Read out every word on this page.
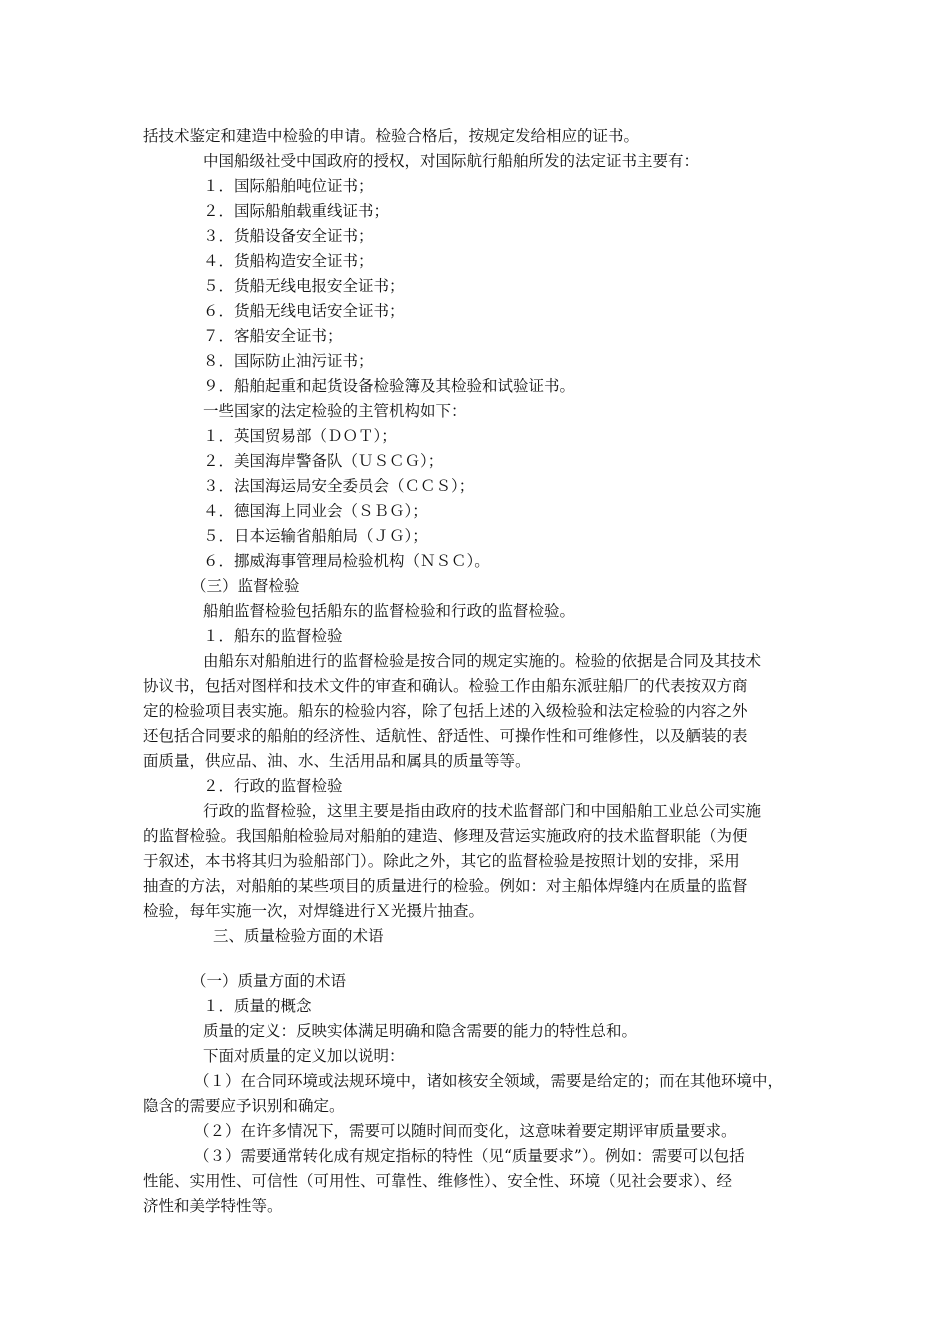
括技术鉴定和建造中检验的申请。检验合格后，按规定发给相应的证书。
中国船级社受中国政府的授权，对国际航行船舶所发的法定证书主要有：
１．国际船舶吨位证书；
２．国际船舶载重线证书；
３．货船设备安全证书；
４．货船构造安全证书；
５．货船无线电报安全证书；
６．货船无线电话安全证书；
７．客船安全证书；
８．国际防止油污证书；
９．船舶起重和起货设备检验簿及其检验和试验证书。
一些国家的法定检验的主管机构如下：
１．英国贸易部（ＤＯＴ）；
２．美国海岸警备队（ＵＳＣＧ）；
３．法国海运局安全委员会（ＣＣＳ）；
４．德国海上同业会（ＳＢＧ）；
５．日本运输省船舶局（ＪＧ）；
６．挪威海事管理局检验机构（ＮＳＣ）。
（三）监督检验
船舶监督检验包括船东的监督检验和行政的监督检验。
１．船东的监督检验
由船东对船舶进行的监督检验是按合同的规定实施的。检验的依据是合同及其技术
协议书，包括对图样和技术文件的审查和确认。检验工作由船东派驻船厂的代表按双方商
定的检验项目表实施。船东的检验内容，除了包括上述的入级检验和法定检验的内容之外
还包括合同要求的船舶的经济性、适航性、舒适性、可操作性和可维修性，以及舾装的表
面质量，供应品、油、水、生活用品和属具的质量等等。
２．行政的监督检验
行政的监督检验，这里主要是指由政府的技术监督部门和中国船舶工业总公司实施
的监督检验。我国船舶检验局对船舶的建造、修理及营运实施政府的技术监督职能（为便
于叙述，本书将其归为验船部门）。除此之外，其它的监督检验是按照计划的安排，采用
抽查的方法，对船舶的某些项目的质量进行的检验。例如：对主船体焊缝内在质量的监督
检验，每年实施一次，对焊缝进行Ｘ光摄片抽查。
三、质量检验方面的术语
（一）质量方面的术语
１．质量的概念
质量的定义：反映实体满足明确和隐含需要的能力的特性总和。
下面对质量的定义加以说明：
（１）在合同环境或法规环境中，诸如核安全领域，需要是给定的；而在其他环境中，
隐含的需要应予识别和确定。
（２）在许多情况下，需要可以随时间而变化，这意味着要定期评审质量要求。
（３）需要通常转化成有规定指标的特性（见“质量要求”）。例如：需要可以包括
性能、实用性、可信性（可用性、可靠性、维修性）、安全性、环境（见社会要求）、经
济性和美学特性等。
